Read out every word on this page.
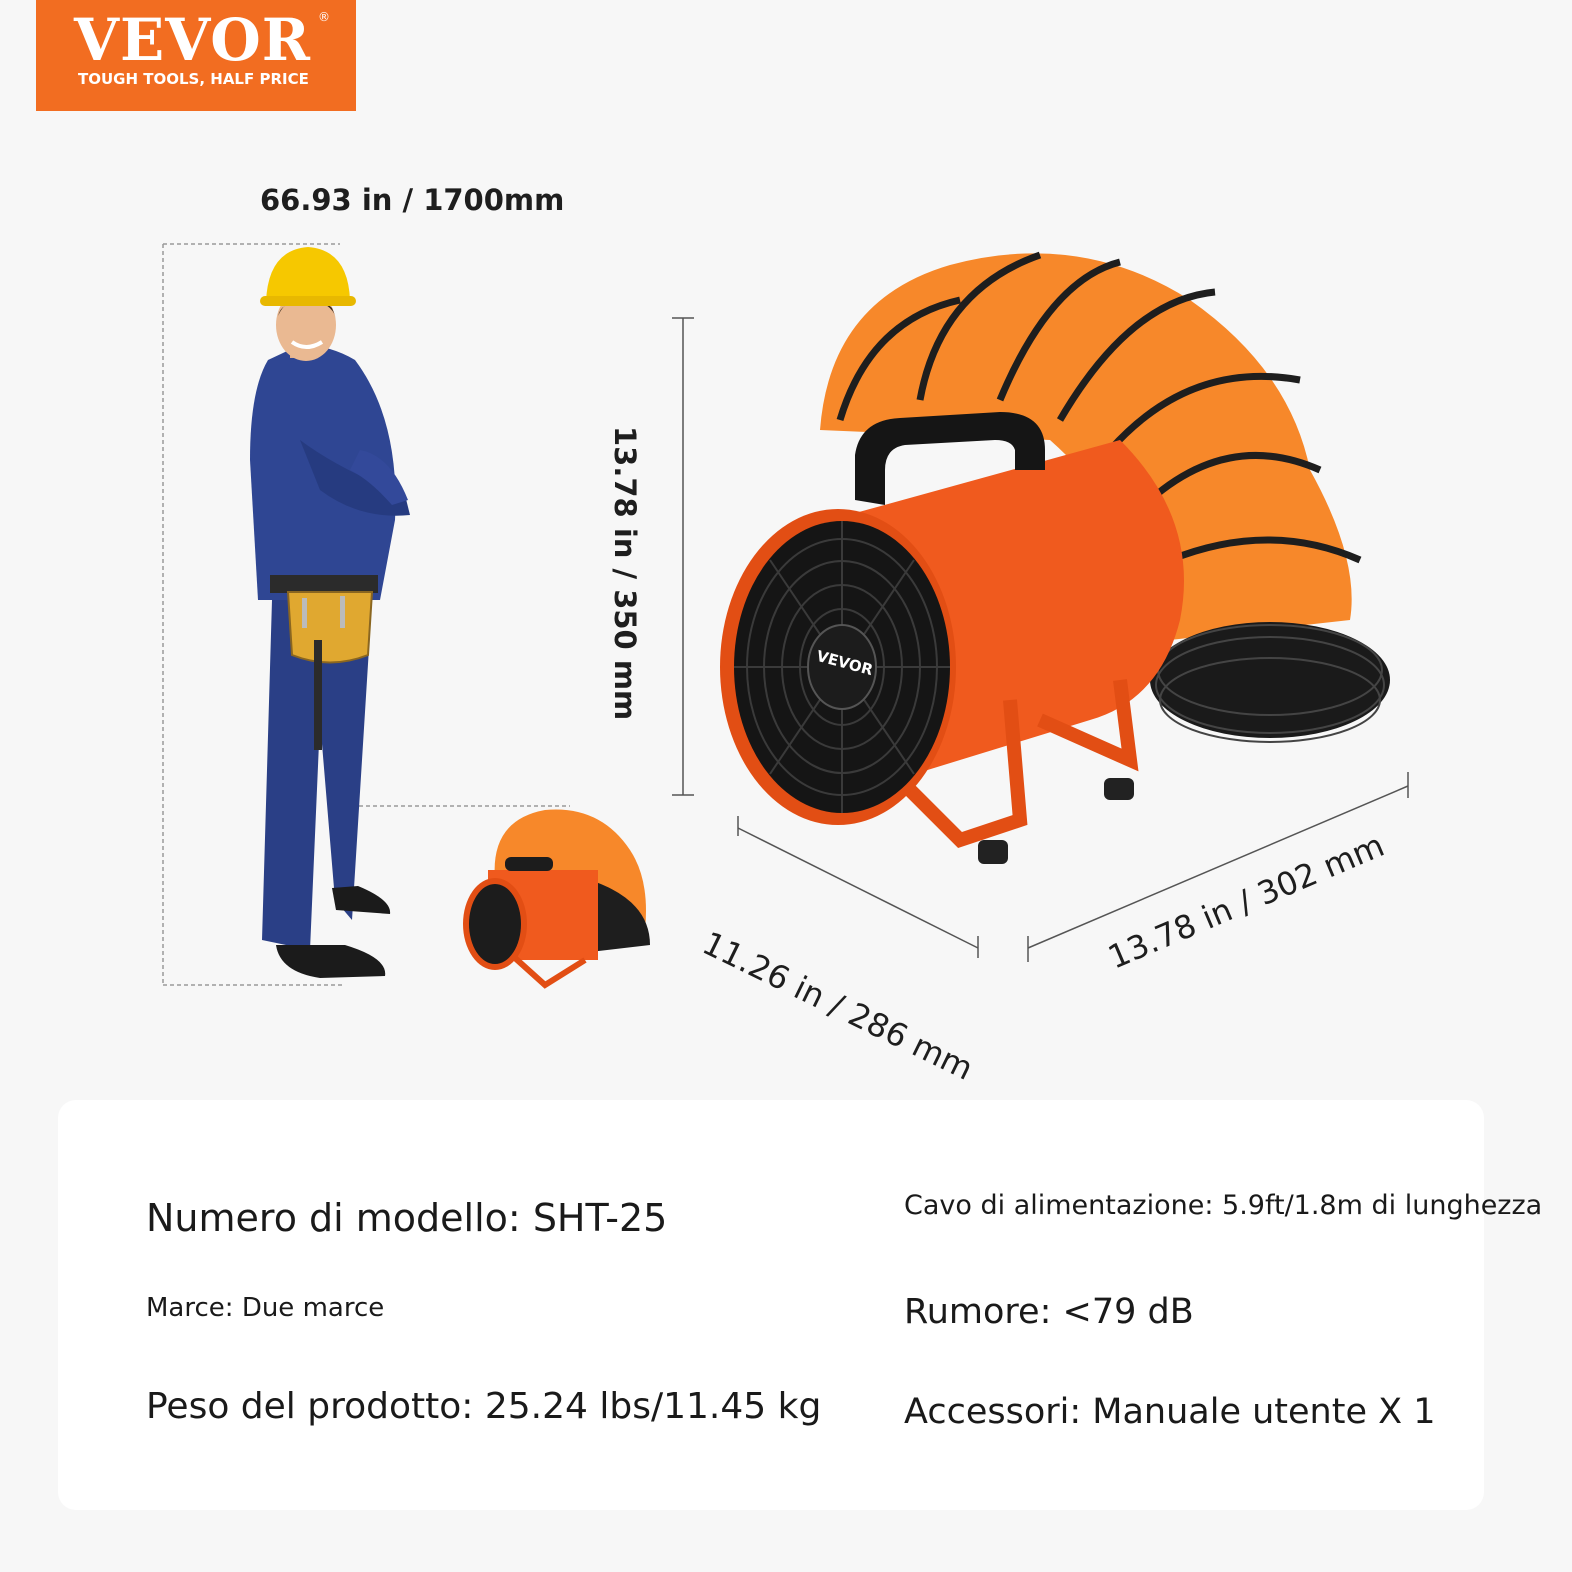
VEVOR ®
TOUGH TOOLS, HALF PRICE
66.93 in / 1700mm
13.78 in / 350 mm
11.26 in / 286 mm
13.78 in / 302 mm
VEVOR
Numero di modello: SHT-25
Marce: Due marce
Peso del prodotto: 25.24 lbs/11.45 kg
Cavo di alimentazione: 5.9ft/1.8m di lunghezza
Rumore: <79 dB
Accessori: Manuale utente X 1
